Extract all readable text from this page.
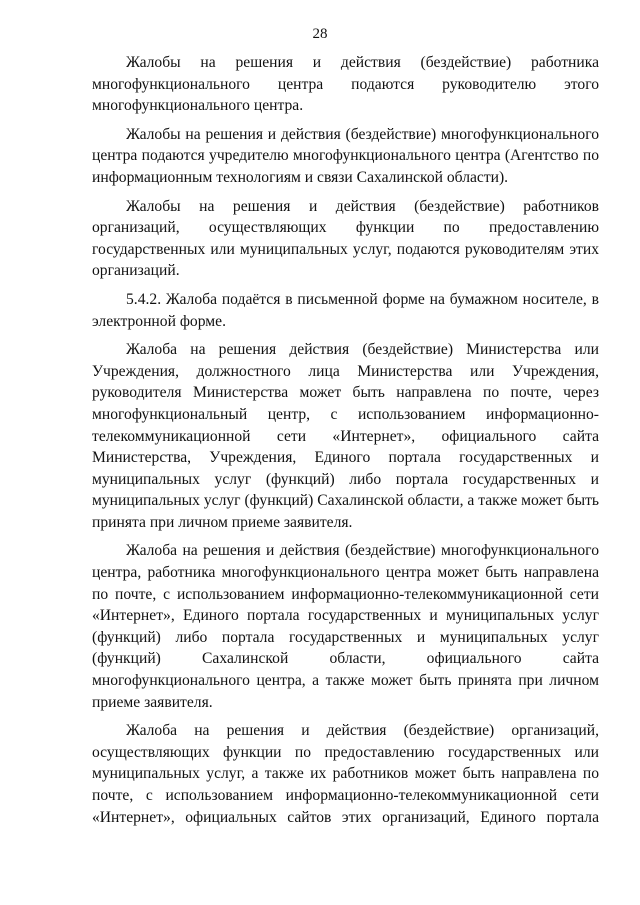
28

Жалобы на решения и действия (бездействие) работника многофункционального центра подаются руководителю этого многофункционального центра.

Жалобы на решения и действия (бездействие) многофункционального центра подаются учредителю многофункционального центра (Агентство по информационным технологиям и связи Сахалинской области).

Жалобы на решения и действия (бездействие) работников организаций, осуществляющих функции по предоставлению государственных или муниципальных услуг, подаются руководителям этих организаций.

5.4.2. Жалоба подаётся в письменной форме на бумажном носителе, в электронной форме.

Жалоба на решения действия (бездействие) Министерства или Учреждения, должностного лица Министерства или Учреждения, руководителя Министерства может быть направлена по почте, через многофункциональный центр, с использованием информационно-телекоммуникационной сети «Интернет», официального сайта Министерства, Учреждения, Единого портала государственных и муниципальных услуг (функций) либо портала государственных и муниципальных услуг (функций) Сахалинской области, а также может быть принята при личном приеме заявителя.

Жалоба на решения и действия (бездействие) многофункционального центра, работника многофункционального центра может быть направлена по почте, с использованием информационно-телекоммуникационной сети «Интернет», Единого портала государственных и муниципальных услуг (функций) либо портала государственных и муниципальных услуг (функций) Сахалинской области, официального сайта многофункционального центра, а также может быть принята при личном приеме заявителя.

Жалоба на решения и действия (бездействие) организаций, осуществляющих функции по предоставлению государственных или муниципальных услуг, а также их работников может быть направлена по почте, с использованием информационно-телекоммуникационной сети «Интернет», официальных сайтов этих организаций, Единого портала
